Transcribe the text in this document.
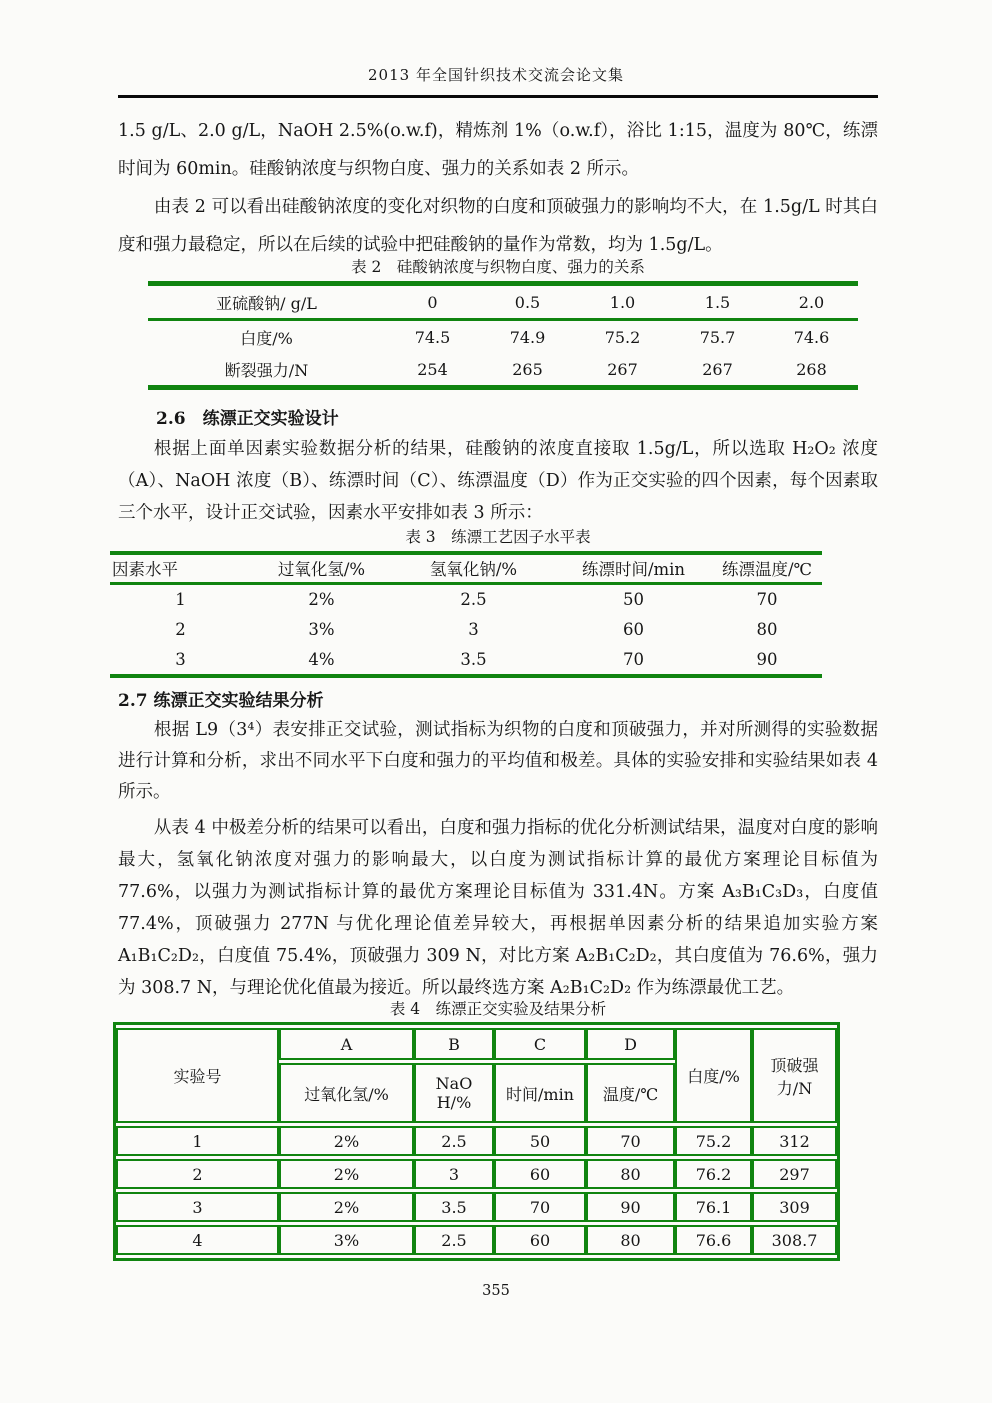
2013 年全国针织技术交流会论文集

1.5 g/L、2.0 g/L，NaOH 2.5%(o.w.f)，精炼剂 1%（o.w.f），浴比 1:15，温度为 80℃，练漂时间为 60min。硅酸钠浓度与织物白度、强力的关系如表 2 所示。

由表 2 可以看出硅酸钠浓度的变化对织物的白度和顶破强力的影响均不大，在 1.5g/L 时其白度和强力最稳定，所以在后续的试验中把硅酸钠的量作为常数，均为 1.5g/L。

表 2　硅酸钠浓度与织物白度、强力的关系
亚硫酸钠/ g/L	0	0.5	1.0	1.5	2.0
白度/%	74.5	74.9	75.2	75.7	74.6
断裂强力/N	254	265	267	267	268
2.6　练漂正交实验设计

根据上面单因素实验数据分析的结果，硅酸钠的浓度直接取 1.5g/L，所以选取 H₂O₂ 浓度（A）、NaOH 浓度（B）、练漂时间（C）、练漂温度（D）作为正交实验的四个因素，每个因素取三个水平，设计正交试验，因素水平安排如表 3 所示：

表 3　练漂工艺因子水平表
因素水平	过氧化氢/%	氢氧化钠/%	练漂时间/min	练漂温度/℃
1	2%	2.5	50	70
2	3%	3	60	80
3	4%	3.5	70	90
2.7 练漂正交实验结果分析

根据 L9（3⁴）表安排正交试验，测试指标为织物的白度和顶破强力，并对所测得的实验数据进行计算和分析，求出不同水平下白度和强力的平均值和极差。具体的实验安排和实验结果如表 4 所示。

从表 4 中极差分析的结果可以看出，白度和强力指标的优化分析测试结果，温度对白度的影响最大，氢氧化钠浓度对强力的影响最大，以白度为测试指标计算的最优方案理论目标值为 77.6%，以强力为测试指标计算的最优方案理论目标值为 331.4N。方案 A₃B₁C₃D₃，白度值 77.4%，顶破强力 277N 与优化理论值差异较大，再根据单因素分析的结果追加实验方案 A₁B₁C₂D₂，白度值 75.4%，顶破强力 309 N，对比方案 A₂B₁C₂D₂，其白度值为 76.6%，强力为 308.7 N，与理论优化值最为接近。所以最终选方案 A₂B₁C₂D₂ 作为练漂最优工艺。

表 4　练漂正交实验及结果分析
实验号	A	B	C	D	白度/%	顶破强力/N
	过氧化氢/%	NaOH/%	时间/min	温度/℃		
1	2%	2.5	50	70	75.2	312
2	2%	3	60	80	76.2	297
3	2%	3.5	70	90	76.1	309
4	3%	2.5	60	80	76.6	308.7
355
